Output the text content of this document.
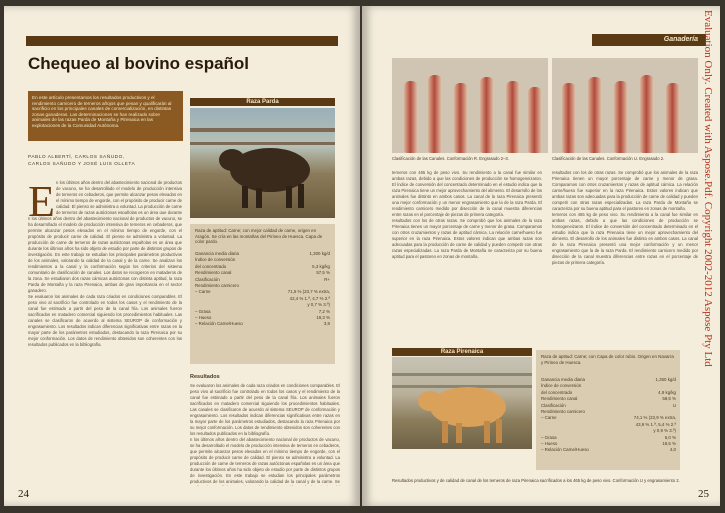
Chequeo al bovino español
En este artículo presentamos los resultados productivos y el rendimiento carnicero de terneros añojos que pesan y qualificarán al sacrificio en los principales canales de comercialización, en distintas zonas ganaderas. Las determinaciones se han realizado sobre animales de las razas Parda de Montaña y Pirenaica en las explotaciones de la Comunidad Autónoma.
PABLO ALBERTÍ, CARLOS SAÑUDO,
CARLOS SAÑUDO Y JOSÉ LUIS OLLETA
E n los últimos años dentro del abastecimiento nacional de productos de vacuno, se ha desarrollado el modelo de producción intensiva de terneros en cebaderos, que permite alcanzar pesos elevados en el mínimo tiempo de engorde, con el propósito de producir carne de calidad. El pienso se administra a voluntad. La producción de carne de terneros de razas autóctonas españolas es un área que durante

n los últimos años dentro del abastecimiento nacional de productos de vacuno, se ha desarrollado el modelo de producción intensiva de terneros en cebaderos, que permite alcanzar pesos elevados en el mínimo tiempo de engorde, con el propósito de producir carne de calidad. El pienso se administra a voluntad. La producción de carne de terneros de razas autóctonas españolas es un área que durante los últimos años ha sido objeto de estudio por parte de distintos grupos de investigación. En este trabajo se estudian los principales parámetros productivos de los animales, valorando la calidad de la canal y de la carne. Se analizan los rendimientos a la canal y la conformación según los criterios del sistema comunitario de clasificación de canales. Los datos se recogieron en mataderos de la zona. Se estudiaron dos razas cárnicas autóctonas con distinta aptitud, la raza Parda de Montaña y la raza Pirenaica, ambas de gran importancia en el sector ganadero.

Se evaluaron los animales de cada raza criados en condiciones comparables. El peso vivo al sacrificio fue controlado en todos los casos y el rendimiento de la canal fue estimado a partir del peso de la canal fría. Los animales fueron sacrificados en matadero comercial siguiendo los procedimientos habituales. Las canales se clasificaron de acuerdo al sistema SEUROP de conformación y engrasamiento. Los resultados indican diferencias significativas entre razas en la mayor parte de los parámetros estudiados, destacando la raza Pirenaica por su mejor conformación. Los datos de rendimiento obtenidos son coherentes con los resultados publicados en la bibliografía.

Raza Parda
Raza de aptitud: Carne; con mejor calidad de carne, origen en Aragón. Se cría en las montañas del Pirineo de Huesca. Capa de color pardo.
Ganancia media diaria	1,300 kg/d
Índice de conversión
del concentrado	5,3 kg/kg
Rendimiento canal	57,5 %
Clasificación	R+
Rendimiento carnicero
– Carne	71,5 % (23,7 % extra,
42,4 % 1.ª, 4,7 % 2.ª
y 0,7 % 3.ª)
– Grasa	7,2 %
– Hueso	19,3 %
– Relación Carne/Hueso	3,9

Resultados

Se evaluaron los animales de cada raza criados en condiciones comparables. El peso vivo al sacrificio fue controlado en todos los casos y el rendimiento de la canal fue estimado a partir del peso de la canal fría. Los animales fueron sacrificados en matadero comercial siguiendo los procedimientos habituales. Las canales se clasificaron de acuerdo al sistema SEUROP de conformación y engrasamiento. Los resultados indican diferencias significativas entre razas en la mayor parte de los parámetros estudiados, destacando la raza Pirenaica por su mejor conformación. Los datos de rendimiento obtenidos son coherentes con los resultados publicados en la bibliografía.

n los últimos años dentro del abastecimiento nacional de productos de vacuno, se ha desarrollado el modelo de producción intensiva de terneros en cebaderos, que permite alcanzar pesos elevados en el mínimo tiempo de engorde, con el propósito de producir carne de calidad. El pienso se administra a voluntad. La producción de carne de terneros de razas autóctonas españolas es un área que durante los últimos años ha sido objeto de estudio por parte de distintos grupos de investigación. En este trabajo se estudian los principales parámetros productivos de los animales, valorando la calidad de la canal y de la carne. Se

24
Ganadería
Clasificación de las Canales. Conformación R. Engrasado 2–3.	Clasificación de las Canales. Conformación U. Engrasado 2.

terneros con 465 kg de peso vivo. Su rendimiento a la canal fue similar en ambas razas, debido a que las condiciones de producción se homogeneizaron. El índice de conversión del concentrado determinado en el estudio indica que la raza Pirenaica tiene un mejor aprovechamiento del alimento. El desarrollo de los animales fue distinto en ambos casos. La canal de la raza Pirenaica presentó una mejor conformación y un menor engrasamiento que la de la raza Parda. El rendimiento carnicero medido por disección de la canal muestra diferencias entre razas en el porcentaje de piezas de primera categoría.

resultados con los de otras razas. Se comprobó que los animales de la raza Pirenaica tienen un mayor porcentaje de carne y menor de grasa. Comparamos con otros cruzamientos y razas de aptitud cárnica. La relación carne/hueso fue superior en la raza Pirenaica. Estos valores indican que ambas razas son adecuadas para la producción de carne de calidad y pueden competir con otras razas especializadas. La raza Parda de Montaña se caracteriza por su buena aptitud para el pastoreo en zonas de montaña.

resultados con los de otras razas. Se comprobó que los animales de la raza Pirenaica tienen un mayor porcentaje de carne y menor de grasa. Comparamos con otros cruzamientos y razas de aptitud cárnica. La relación carne/hueso fue superior en la raza Pirenaica. Estos valores indican que ambas razas son adecuadas para la producción de carne de calidad y pueden competir con otras razas especializadas. La raza Parda de Montaña se caracteriza por su buena aptitud para el pastoreo en zonas de montaña.

terneros con 465 kg de peso vivo. Su rendimiento a la canal fue similar en ambas razas, debido a que las condiciones de producción se homogeneizaron. El índice de conversión del concentrado determinado en el estudio indica que la raza Pirenaica tiene un mejor aprovechamiento del alimento. El desarrollo de los animales fue distinto en ambos casos. La canal de la raza Pirenaica presentó una mejor conformación y un menor engrasamiento que la de la raza Parda. El rendimiento carnicero medido por disección de la canal muestra diferencias entre razas en el porcentaje de piezas de primera categoría.

Raza Pirenaica
Raza de aptitud: Carne; con Capa de color rubio. Origen en Navarra y Pirineo de Huesca.
Ganancia media diaria	1,350 kg/d
Índice de conversión
del concentrado	4,9 kg/kg
Rendimiento canal	58,5 %
Clasificación	U
Rendimiento carnicero
– Carne	74,1 % (23,9 % extra,
43,9 % 1.ª, 5,4 % 2.ª
y 0,9 % 3.ª)
– Grasa	6,0 %
– Hueso	18,5 %
– Relación Carne/Hueso	4,0
Resultados productivos y de calidad de canal de los terneros de raza Pirenaica sacrificados a los 465 kg de peso vivo. Conformación U y engrasamiento 2.
25
Evaluation Only. Created with Aspose.Pdf. Copyright 2002-2012 Aspose Pty Ltd
